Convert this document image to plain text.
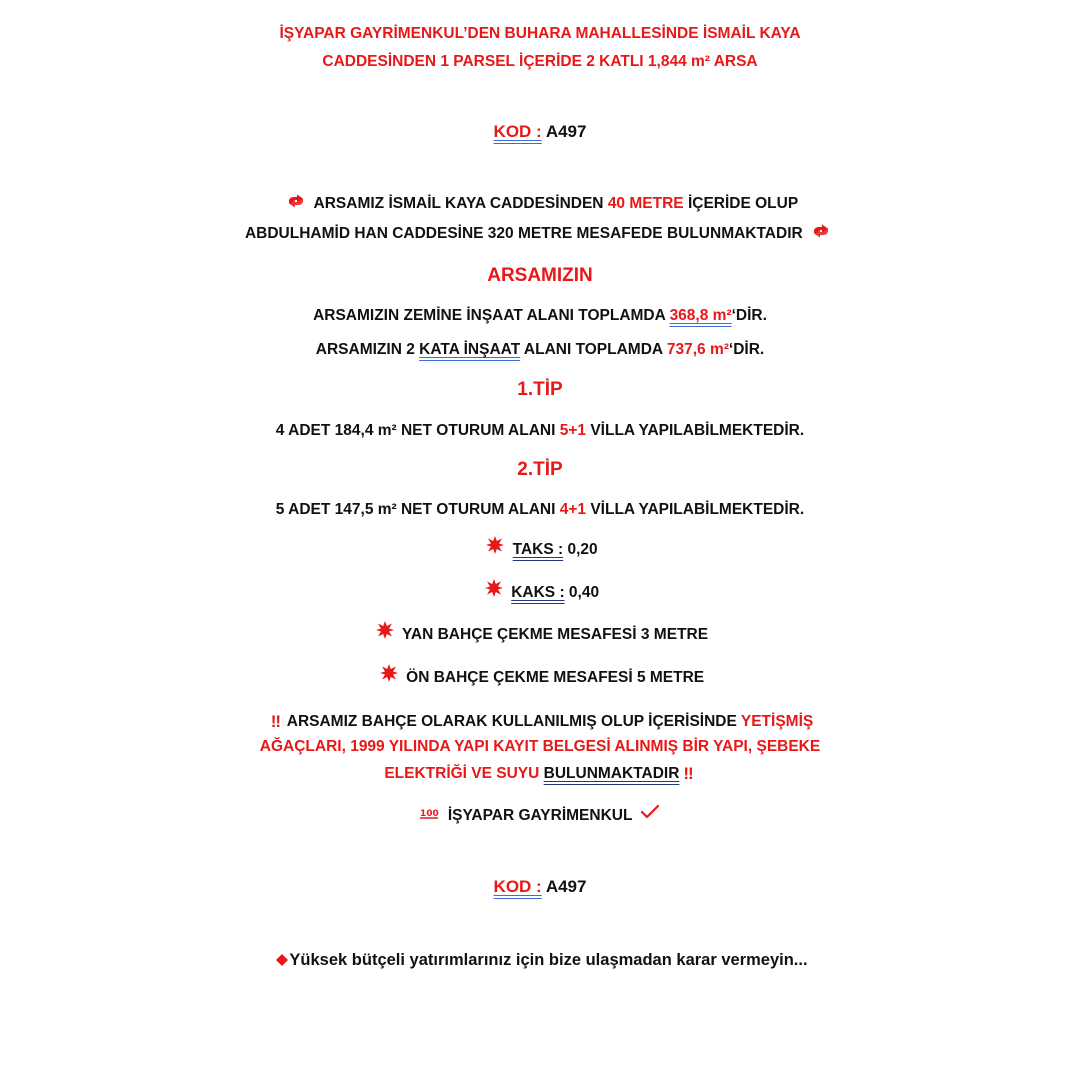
İŞYAPAR GAYRİMENKUL’DEN BUHARA MAHALLESİNDE İSMAİL KAYA
CADDESİNDEN 1 PARSEL İÇERİDE 2 KATLI 1,844 m² ARSA
KOD : A497
ARSAMIZ İSMAİL KAYA CADDESİNDEN 40 METRE İÇERİDE OLUP
ABDULHAMİD HAN CADDESİNE 320 METRE MESAFEDE BULUNMAKTADIR
ARSAMIZIN
ARSAMIZIN ZEMİNE İNŞAAT ALANI TOPLAMDA 368,8 m²‘DİR.
ARSAMIZIN 2 KATA İNŞAAT ALANI TOPLAMDA 737,6 m²‘DİR.
1.TİP
4 ADET 184,4 m² NET OTURUM ALANI 5+1 VİLLA YAPILABİLMEKTEDİR.
2.TİP
5 ADET 147,5 m² NET OTURUM ALANI 4+1 VİLLA YAPILABİLMEKTEDİR.
TAKS : 0,20
KAKS : 0,40
YAN BAHÇE ÇEKME MESAFESİ 3 METRE
ÖN BAHÇE ÇEKME MESAFESİ 5 METRE
‼ ARSAMIZ BAHÇE OLARAK KULLANILMIŞ OLUP İÇERİSİNDE YETİŞMİŞ
AĞAÇLARI, 1999 YILINDA YAPI KAYIT BELGESİ ALINMIŞ BİR YAPI, ŞEBEKE
ELEKTRİĞİ VE SUYU BULUNMAKTADIR ‼
100 İŞYAPAR GAYRİMENKUL
KOD : A497
Yüksek bütçeli yatırımlarınız için bize ulaşmadan karar vermeyin...
